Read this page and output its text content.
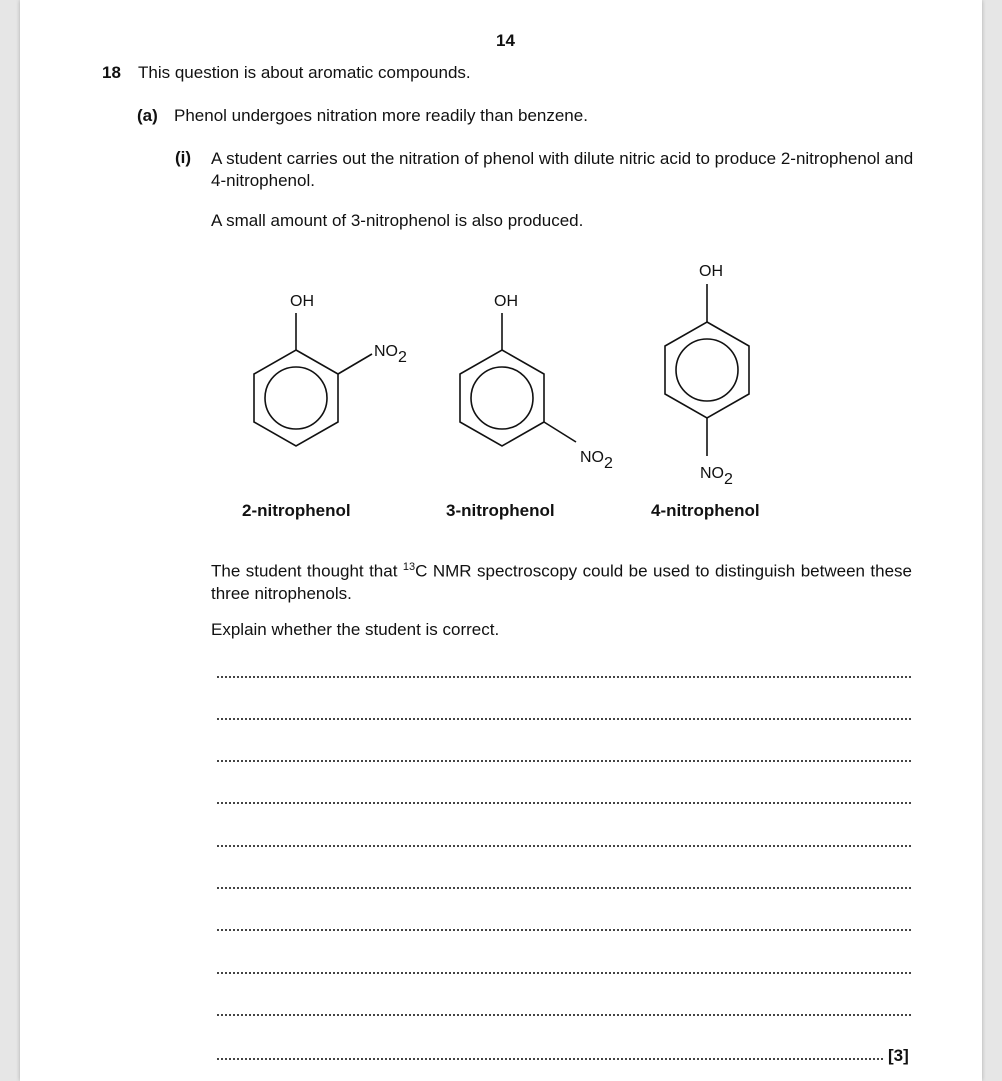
14
18 This question is about aromatic compounds.
(a) Phenol undergoes nitration more readily than benzene.
(i) A student carries out the nitration of phenol with dilute nitric acid to produce 2-nitrophenol and 4-nitrophenol.
A small amount of 3-nitrophenol is also produced.
OH
NO2
OH
NO2
OH
NO2
2-nitrophenol	3-nitrophenol	4-nitrophenol
The student thought that $^{13}$C NMR spectroscopy could be used to distinguish between these three nitrophenols.
Explain whether the student is correct.
[3]
